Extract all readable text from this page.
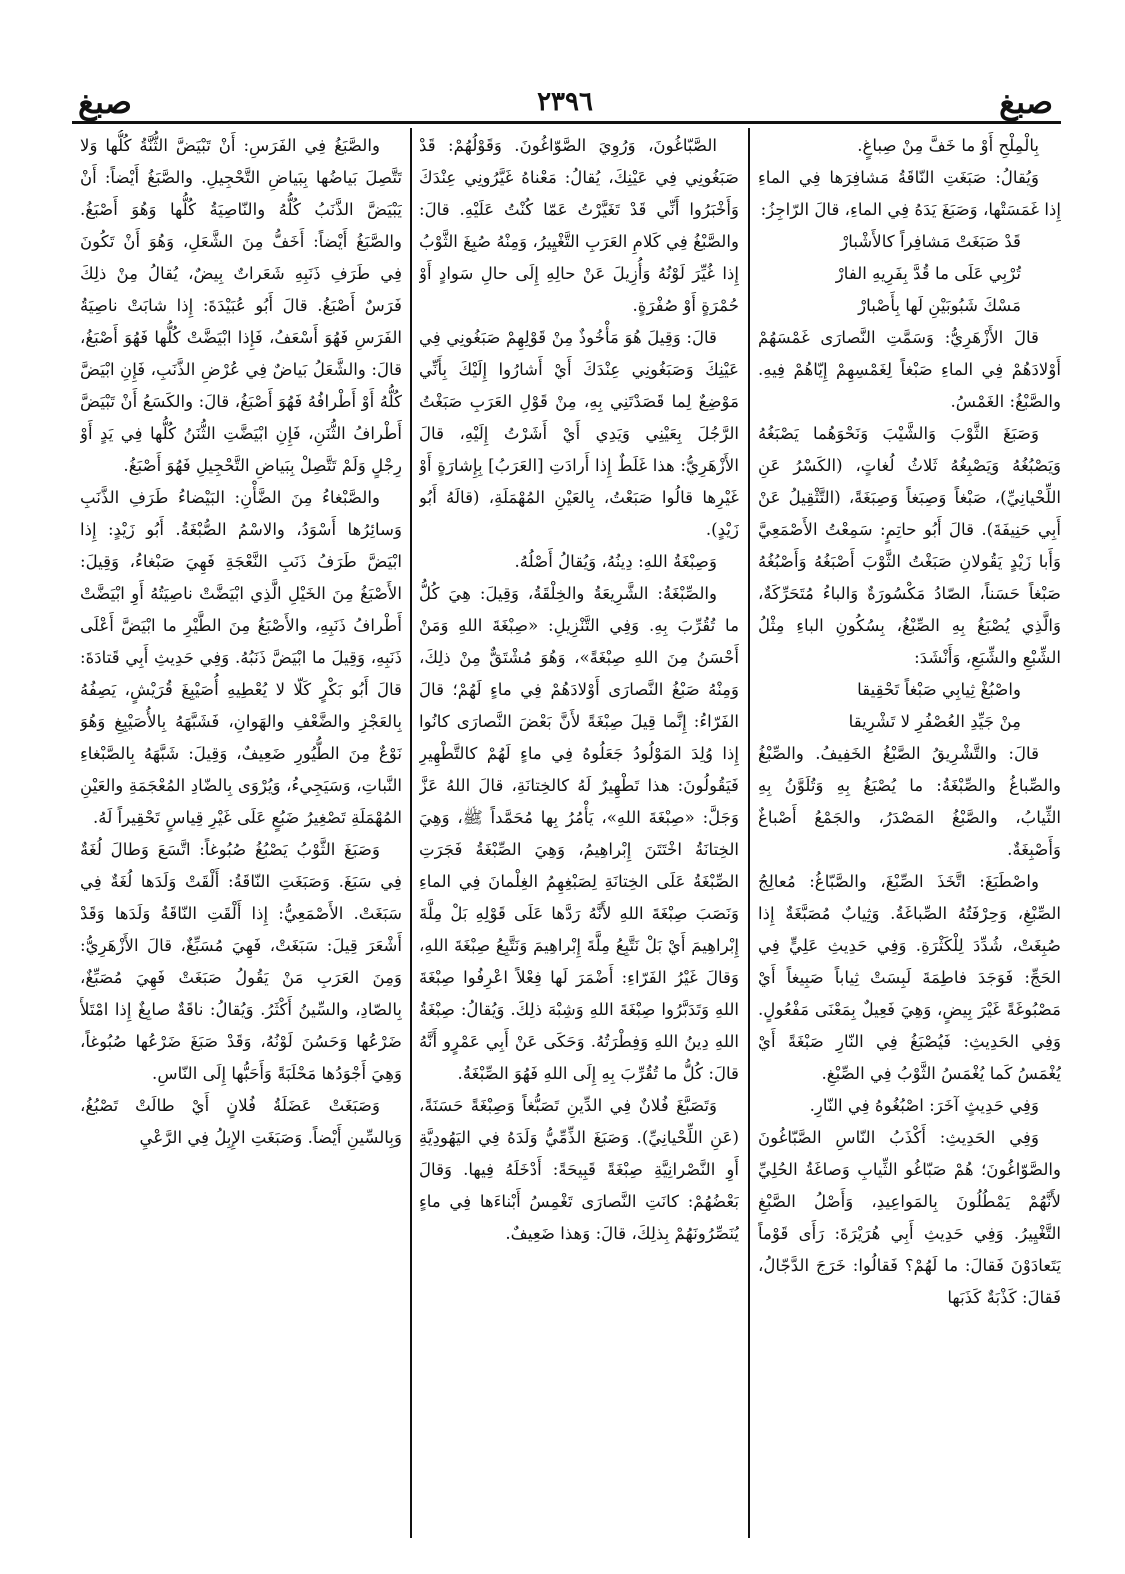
صبغ
٢٣٩٦
صبغ

بِالْمِلْحِ أَوْ ما خَفَّ مِنْ صِباغٍ.

وَيُقالُ: صَبَغَتِ النّاقَةُ مَشافِرَها فِي الماءِ إِذا غَمَسَتْها، وَصَبَغَ يَدَهُ فِي الماءِ، قالَ الرّاجِزُ:

قَدْ صَبَغَتْ مَشافِراً كالأَشْبارْ

تُرْبِي عَلَى ما قُدَّ بِفَرِيهِ الفارْ

مَسْكَ شَبُوبَيْنِ لَها بِأَصْبارْ

قالَ الأَزْهَرِيُّ: وَسَمَّتِ النَّصارَى غَمْسَهُمْ أَوْلادَهُمْ فِي الماءِ صَبْغاً لِغَمْسِهِمْ إِيّاهُمْ فِيهِ. والصَّبْغُ: الغَمْسُ.

وَصَبَغَ الثَّوْبَ وَالشَّيْبَ وَنَحْوَهُما يَصْبَغُهُ وَيَصْبُغُهُ وَيَصْبِغُهُ ثَلاثُ لُغاتٍ، (الكَسْرُ عَنِ اللِّحْيانِيِّ)، صَبْغاً وَصِبَغاً وَصِبَغَةً، (التَّثْقِيلُ عَنْ أَبِي حَنِيفَةَ). قالَ أَبُو حاتِمٍ: سَمِعْتُ الأَصْمَعِيَّ وَأَبا زَيْدٍ يَقُولانِ صَبَغْتُ الثَّوْبَ أَصْبَغُهُ وَأَصْبُغُهُ صَبْغاً حَسَناً، الصّادُ مَكْسُورَةٌ وَالباءُ مُتَحَرِّكَةٌ، وَالَّذِي يُصْبَغُ بِهِ الصِّبْغُ، بِسُكُونِ الباءِ مِثْلُ الشِّبْعِ والشِّبَعِ، وَأَنْشَدَ:

واصْبُغْ ثِيابِي صَبْغاً تَحْقِيقا

مِنْ جَيِّدِ العُصْفُرِ لا تَشْرِيقا

قالَ: والتَّشْرِيقُ الصَّبْغُ الخَفِيفُ. والصِّبْغُ والصِّباغُ والصِّبْغَةُ: ما يُصْبَغُ بِهِ وَتُلَوَّنُ بِهِ الثِّيابُ، والصَّبْغُ المَصْدَرُ، والجَمْعُ أَصْباغٌ وَأَصْبِغَةٌ.

واصْطَبَغَ: اتَّخَذَ الصِّبْغَ، والصَّبّاغُ: مُعالِجُ الصِّبْغِ، وَحِرْفَتُهُ الصِّباغَةُ. وَثِيابٌ مُصَبَّغَةٌ إِذا صُبِغَتْ، شُدِّدَ لِلْكَثْرَةِ. وَفِي حَدِيثِ عَلِيٍّ فِي الحَجِّ: فَوَجَدَ فاطِمَةَ لَبِسَتْ ثِياباً صَبِيغاً أَيْ مَصْبُوغَةً غَيْرَ بِيضٍ، وَهِيَ فَعِيلٌ بِمَعْنَى مَفْعُولٍ. وَفِي الحَدِيثِ: فَيُصْبَغُ فِي النّارِ صَبْغَةً أَيْ يُغْمَسُ كَما يُغْمَسُ الثَّوْبُ فِي الصِّبْغِ.

وَفِي حَدِيثٍ آخَرَ: اصْبُغُوهُ فِي النّارِ.

وَفِي الحَدِيثِ: أَكْذَبُ النّاسِ الصَّبّاغُونَ والصَّوّاغُونَ؛ هُمْ صَبّاغُو الثِّيابِ وَصاغَةُ الحُلِيِّ لأَنَّهُمْ يَمْطُلُونَ بِالمَواعِيدِ، وَأَصْلُ الصَّبْغِ التَّغْيِيرُ. وَفِي حَدِيثِ أَبِي هُرَيْرَةَ: رَأَى قَوْماً يَتَعادَوْنَ فَقالَ: ما لَهُمْ؟ فَقالُوا: خَرَجَ الدَّجّالُ، فَقالَ: كَذْبَةٌ كَذَبَها

الصَّبّاغُونَ، وَرُوِيَ الصَّوّاغُونَ. وَقَوْلُهُمْ: قَدْ صَبَغُونِي فِي عَيْنِكَ، يُقالُ: مَعْناهُ غَيَّرُونِي عِنْدَكَ وَأَخْبَرُوا أَنِّي قَدْ تَغَيَّرْتُ عَمّا كُنْتُ عَلَيْهِ. قالَ: والصَّبْغُ فِي كَلامِ العَرَبِ التَّغْيِيرُ، وَمِنْهُ صُبِغَ الثَّوْبُ إِذا غُيِّرَ لَوْنُهُ وَأُزِيلَ عَنْ حالِهِ إِلَى حالِ سَوادٍ أَوْ حُمْرَةٍ أَوْ صُفْرَةٍ.

قالَ: وَقِيلَ هُوَ مَأْخُوذٌ مِنْ قَوْلِهِمْ صَبَغُونِي فِي عَيْنِكَ وَصَبَغُونِي عِنْدَكَ أَيْ أَشارُوا إِلَيْكَ بِأَنِّي مَوْضِعٌ لِما قَصَدْتَنِي بِهِ، مِنْ قَوْلِ العَرَبِ صَبَغْتُ الرَّجُلَ بِعَيْنِي وَيَدِي أَيْ أَشَرْتُ إِلَيْهِ، قالَ الأَزْهَرِيُّ: هذا غَلَطٌ إِذا أَرادَتِ [العَرَبُ] بِإِشارَةٍ أَوْ غَيْرِها قالُوا صَبَعْتُ، بِالعَيْنِ المُهْمَلَةِ، (قالَهُ أَبُو زَيْدٍ).

وَصِبْغَةُ اللهِ: دِينُهُ، وَيُقالُ أَصْلُهُ.

والصِّبْغَةُ: الشَّرِيعَةُ والخِلْقَةُ، وَقِيلَ: هِيَ كُلُّ ما تُقُرِّبَ بِهِ. وَفِي التَّنْزِيلِ: «صِبْغَةَ اللهِ وَمَنْ أَحْسَنُ مِنَ اللهِ صِبْغَةً»، وَهُوَ مُشْتَقٌّ مِنْ ذلِكَ، وَمِنْهُ صَبْغُ النَّصارَى أَوْلادَهُمْ فِي ماءٍ لَهُمْ؛ قالَ الفَرّاءُ: إِنَّما قِيلَ صِبْغَةً لأَنَّ بَعْضَ النَّصارَى كانُوا إِذا وُلِدَ المَوْلُودُ جَعَلُوهُ فِي ماءٍ لَهُمْ كالتَّطْهِيرِ فَيَقُولُونَ: هذا تَطْهِيرٌ لَهُ كالخِتانَةِ، قالَ اللهُ عَزَّ وَجَلَّ: «صِبْغَةَ اللهِ»، يَأْمُرُ بِها مُحَمَّداً ﷺ، وَهِيَ الخِتانَةُ اخْتَتَنَ إِبْراهِيمُ، وَهِيَ الصِّبْغَةُ فَجَرَتِ الصِّبْغَةُ عَلَى الخِتانَةِ لِصَبْغِهِمُ الغِلْمانَ فِي الماءِ وَنَصَبَ صِبْغَةَ اللهِ لأَنَّهُ رَدَّها عَلَى قَوْلِهِ بَلْ مِلَّةَ إِبْراهِيمَ أَيْ بَلْ نَتَّبِعُ مِلَّةَ إِبْراهِيمَ وَنَتَّبِعُ صِبْغَةَ اللهِ، وَقالَ غَيْرُ الفَرّاءِ: أَضْمَرَ لَها فِعْلاً اعْرِفُوا صِبْغَةَ اللهِ وَتَدَبَّرُوا صِبْغَةَ اللهِ وَشِبْهَ ذلِكَ. وَيُقالُ: صِبْغَةُ اللهِ دِينُ اللهِ وَفِطْرَتُهُ. وَحَكَى عَنْ أَبِي عَمْرٍو أَنَّهُ قالَ: كُلُّ ما تُقُرِّبَ بِهِ إِلَى اللهِ فَهُوَ الصِّبْغَةُ.

وَتَصَبَّغَ فُلانٌ فِي الدِّينِ تَصَبُّغاً وَصِبْغَةً حَسَنَةً، (عَنِ اللِّحْيانِيِّ). وَصَبَغَ الذِّمِّيُّ وَلَدَهُ فِي اليَهُودِيَّةِ أَوِ النَّصْرانِيَّةِ صِبْغَةً قَبِيحَةً: أَدْخَلَهُ فِيها. وَقالَ بَعْضُهُمْ: كانَتِ النَّصارَى تَغْمِسُ أَبْناءَها فِي ماءٍ يُنَصِّرُونَهُمْ بِذلِكَ، قالَ: وَهذا ضَعِيفٌ.

والصَّبَغُ فِي الفَرَسِ: أَنْ تَبْيَضَّ الثُّنَّةُ كُلُّها وَلا تَتَّصِلَ بَياضُها بِبَياضِ التَّحْجِيلِ. والصَّبَغُ أَيْضاً: أَنْ يَبْيَضَّ الذَّنَبُ كُلُّهُ والنّاصِيَةُ كُلُّها وَهُوَ أَصْبَغُ. والصَّبَغُ أَيْضاً: أَخَفُّ مِنَ الشَّعَلِ، وَهُوَ أَنْ تَكُونَ فِي طَرَفِ ذَنَبِهِ شَعَراتٌ بِيضٌ، يُقالُ مِنْ ذلِكَ فَرَسٌ أَصْبَغُ. قالَ أَبُو عُبَيْدَةَ: إِذا شابَتْ ناصِيَةُ الفَرَسِ فَهُوَ أَسْعَفُ، فَإِذا ابْيَضَّتْ كُلُّها فَهُوَ أَصْبَغُ، قالَ: والشَّعَلُ بَياضٌ فِي عُرْضِ الذَّنَبِ، فَإِنِ ابْيَضَّ كُلُّهُ أَوْ أَطْرافُهُ فَهُوَ أَصْبَغُ، قالَ: والكَسَعُ أَنْ تَبْيَضَّ أَطْرافُ الثُّنَنِ، فَإِنِ ابْيَضَّتِ الثُّنَنُ كُلُّها فِي يَدٍ أَوْ رِجْلٍ وَلَمْ تَتَّصِلْ بِبَياضِ التَّحْجِيلِ فَهُوَ أَصْبَغُ.

والصَّبْغاءُ مِنَ الضَّأْنِ: البَيْضاءُ طَرَفِ الذَّنَبِ وَسائِرُها أَسْوَدُ، والاسْمُ الصُّبْغَةُ. أَبُو زَيْدٍ: إِذا ابْيَضَّ طَرَفُ ذَنَبِ النَّعْجَةِ فَهِيَ صَبْغاءُ، وَقِيلَ: الأَصْبَغُ مِنَ الخَيْلِ الَّذِي ابْيَضَّتْ ناصِيَتُهُ أَوِ ابْيَضَّتْ أَطْرافُ ذَنَبِهِ، والأَصْبَغُ مِنَ الطَّيْرِ ما ابْيَضَّ أَعْلَى ذَنَبِهِ، وَقِيلَ ما ابْيَضَّ ذَنَبُهُ. وَفِي حَدِيثِ أَبِي قَتادَةَ: قالَ أَبُو بَكْرٍ كَلّا لا يُعْطِيهِ أُصَيْبِغَ قُرَيْشٍ، يَصِفُهُ بِالعَجْزِ والضَّعْفِ والهَوانِ، فَشَبَّهَهُ بِالأُصَيْبِغِ وَهُوَ نَوْعٌ مِنَ الطُّيُورِ ضَعِيفٌ، وَقِيلَ: شَبَّهَهُ بِالصَّبْغاءِ النَّباتِ، وَسَيَجِيءُ، وَيُرْوَى بِالضّادِ المُعْجَمَةِ والعَيْنِ المُهْمَلَةِ تَصْغِيرُ ضَبُعٍ عَلَى غَيْرِ قِياسٍ تَحْقِيراً لَهُ.

وَصَبَغَ الثَّوْبُ يَصْبُغُ صُبُوغاً: اتَّسَعَ وَطالَ لُغَةٌ فِي سَبَغَ. وَصَبَغَتِ النّاقَةُ: أَلْقَتْ وَلَدَها لُغَةٌ فِي سَبَغَتْ. الأَصْمَعِيُّ: إِذا أَلْقَتِ النّاقَةُ وَلَدَها وَقَدْ أَشْعَرَ قِيلَ: سَبَغَتْ، فَهِيَ مُسَبِّغٌ، قالَ الأَزْهَرِيُّ: وَمِنَ العَرَبِ مَنْ يَقُولُ صَبَغَتْ فَهِيَ مُصَبِّغٌ، بِالصّادِ، والسِّينُ أَكْثَرُ. وَيُقالُ: ناقَةٌ صابِغٌ إِذا امْتَلأَ ضَرْعُها وَحَسُنَ لَوْنُهُ، وَقَدْ صَبَغَ ضَرْعُها صُبُوغاً، وَهِيَ أَجْوَدُها مَحْلَبَةً وَأَحَبُّها إِلَى النّاسِ.

وَصَبَغَتْ عَضَلَةُ فُلانٍ أَيْ طالَتْ تَصْبُغُ، وَبِالسِّينِ أَيْضاً. وَصَبَغَتِ الإِبِلُ فِي الرَّعْيِ
